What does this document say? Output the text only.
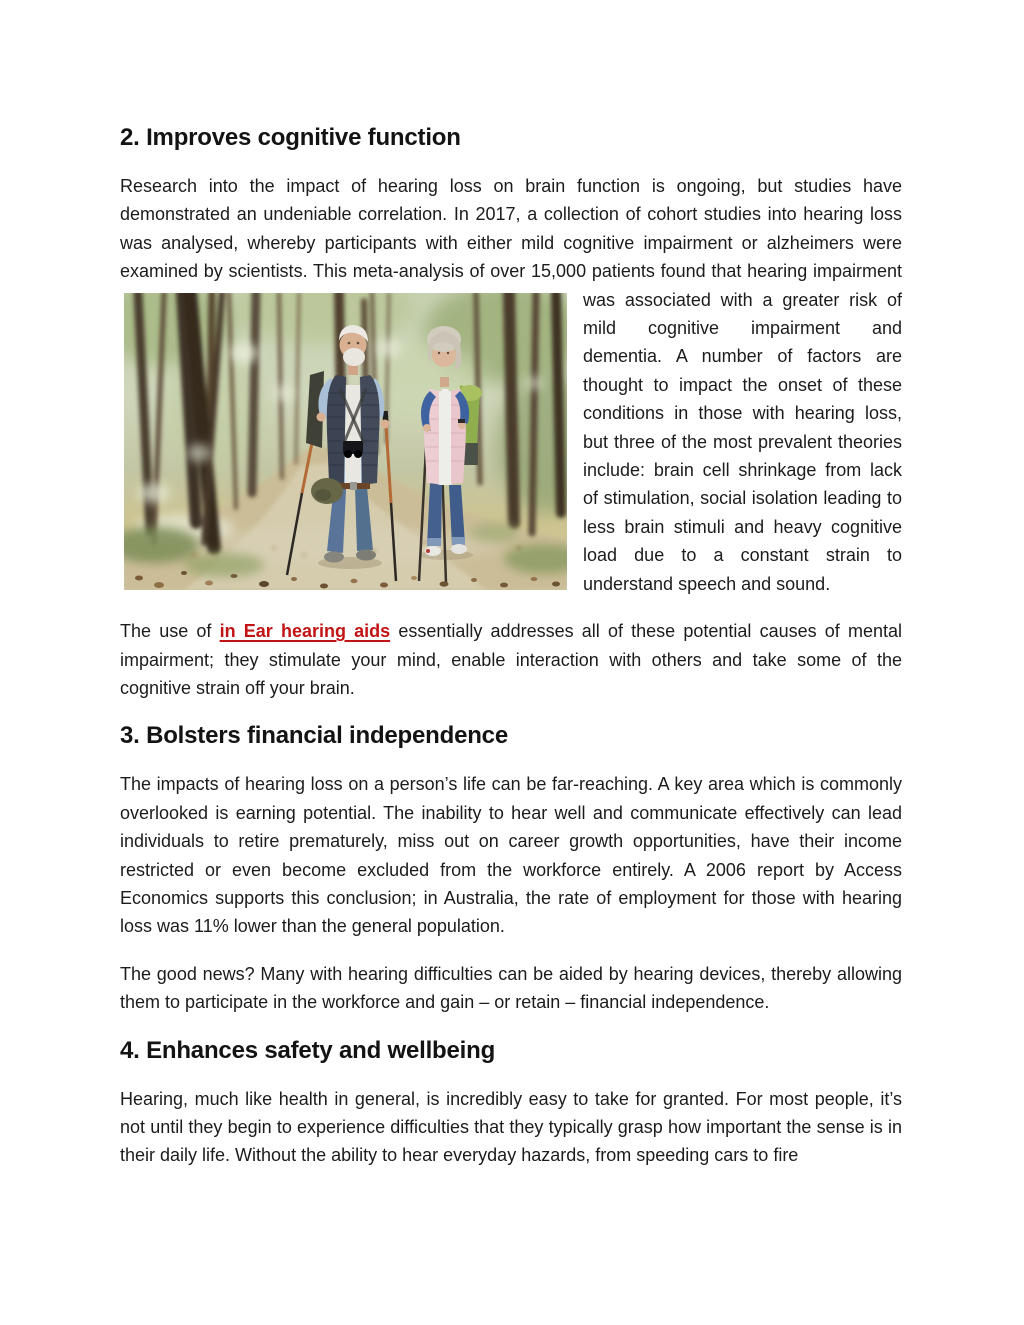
2. Improves cognitive function

Research into the impact of hearing loss on brain function is ongoing, but studies have demonstrated an undeniable correlation. In 2017, a collection of cohort studies into hearing loss was analysed, whereby participants with either mild cognitive impairment or alzheimers were examined by scientists. This meta-analysis of over 15,000 patients found that hearing impairment was associated with a greater risk of mild cognitive impairment and dementia. A number of factors are thought to impact the onset of these conditions in those with hearing loss, but three of the most prevalent theories include: brain cell shrinkage from lack of stimulation, social isolation leading to less brain stimuli and heavy cognitive load due to a constant strain to understand speech and sound.

The use of in Ear hearing aids essentially addresses all of these potential causes of mental impairment; they stimulate your mind, enable interaction with others and take some of the cognitive strain off your brain.

3. Bolsters financial independence

The impacts of hearing loss on a person’s life can be far-reaching. A key area which is commonly overlooked is earning potential. The inability to hear well and communicate effectively can lead individuals to retire prematurely, miss out on career growth opportunities, have their income restricted or even become excluded from the workforce entirely. A 2006 report by Access Economics supports this conclusion; in Australia, the rate of employment for those with hearing loss was 11% lower than the general population.

The good news? Many with hearing difficulties can be aided by hearing devices, thereby allowing them to participate in the workforce and gain – or retain – financial independence.

4. Enhances safety and wellbeing

Hearing, much like health in general, is incredibly easy to take for granted. For most people, it’s not until they begin to experience difficulties that they typically grasp how important the sense is in their daily life. Without the ability to hear everyday hazards, from speeding cars to fire
